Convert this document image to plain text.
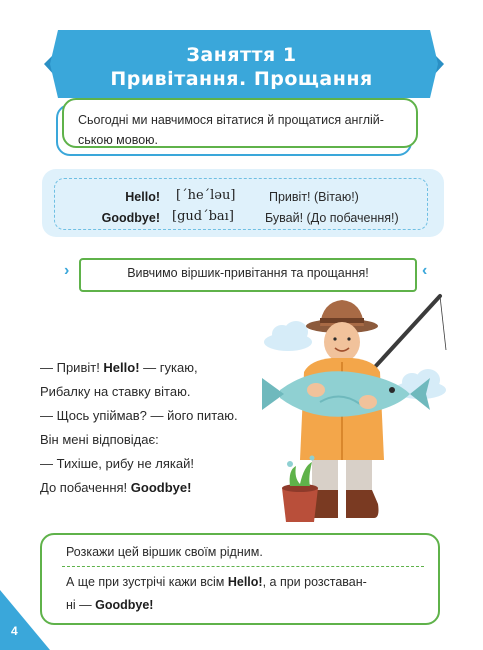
Заняття 1
Привітання. Прощання
Сьогодні ми навчимося вітатися й прощатися англій-
ською мовою.
Hello! [ˊheˊləu]	Привіт! (Вітаю!)
Goodbye! [gudˊbaı] Бувай! (До побачення!)
›	‹
Вивчимо віршик-привітання та прощання!
— Привіт! Hello! — гукаю,
Рибалку на ставку вітаю.
— Щось упіймав? — його питаю.
Він мені відповідає:
— Тихіше, рибу не лякай!
До побачення! Goodbye!
Розкажи цей віршик своїм рідним.
А ще при зустрічі кажи всім Hello!, а при розставан-
ні — Goodbye!
4
